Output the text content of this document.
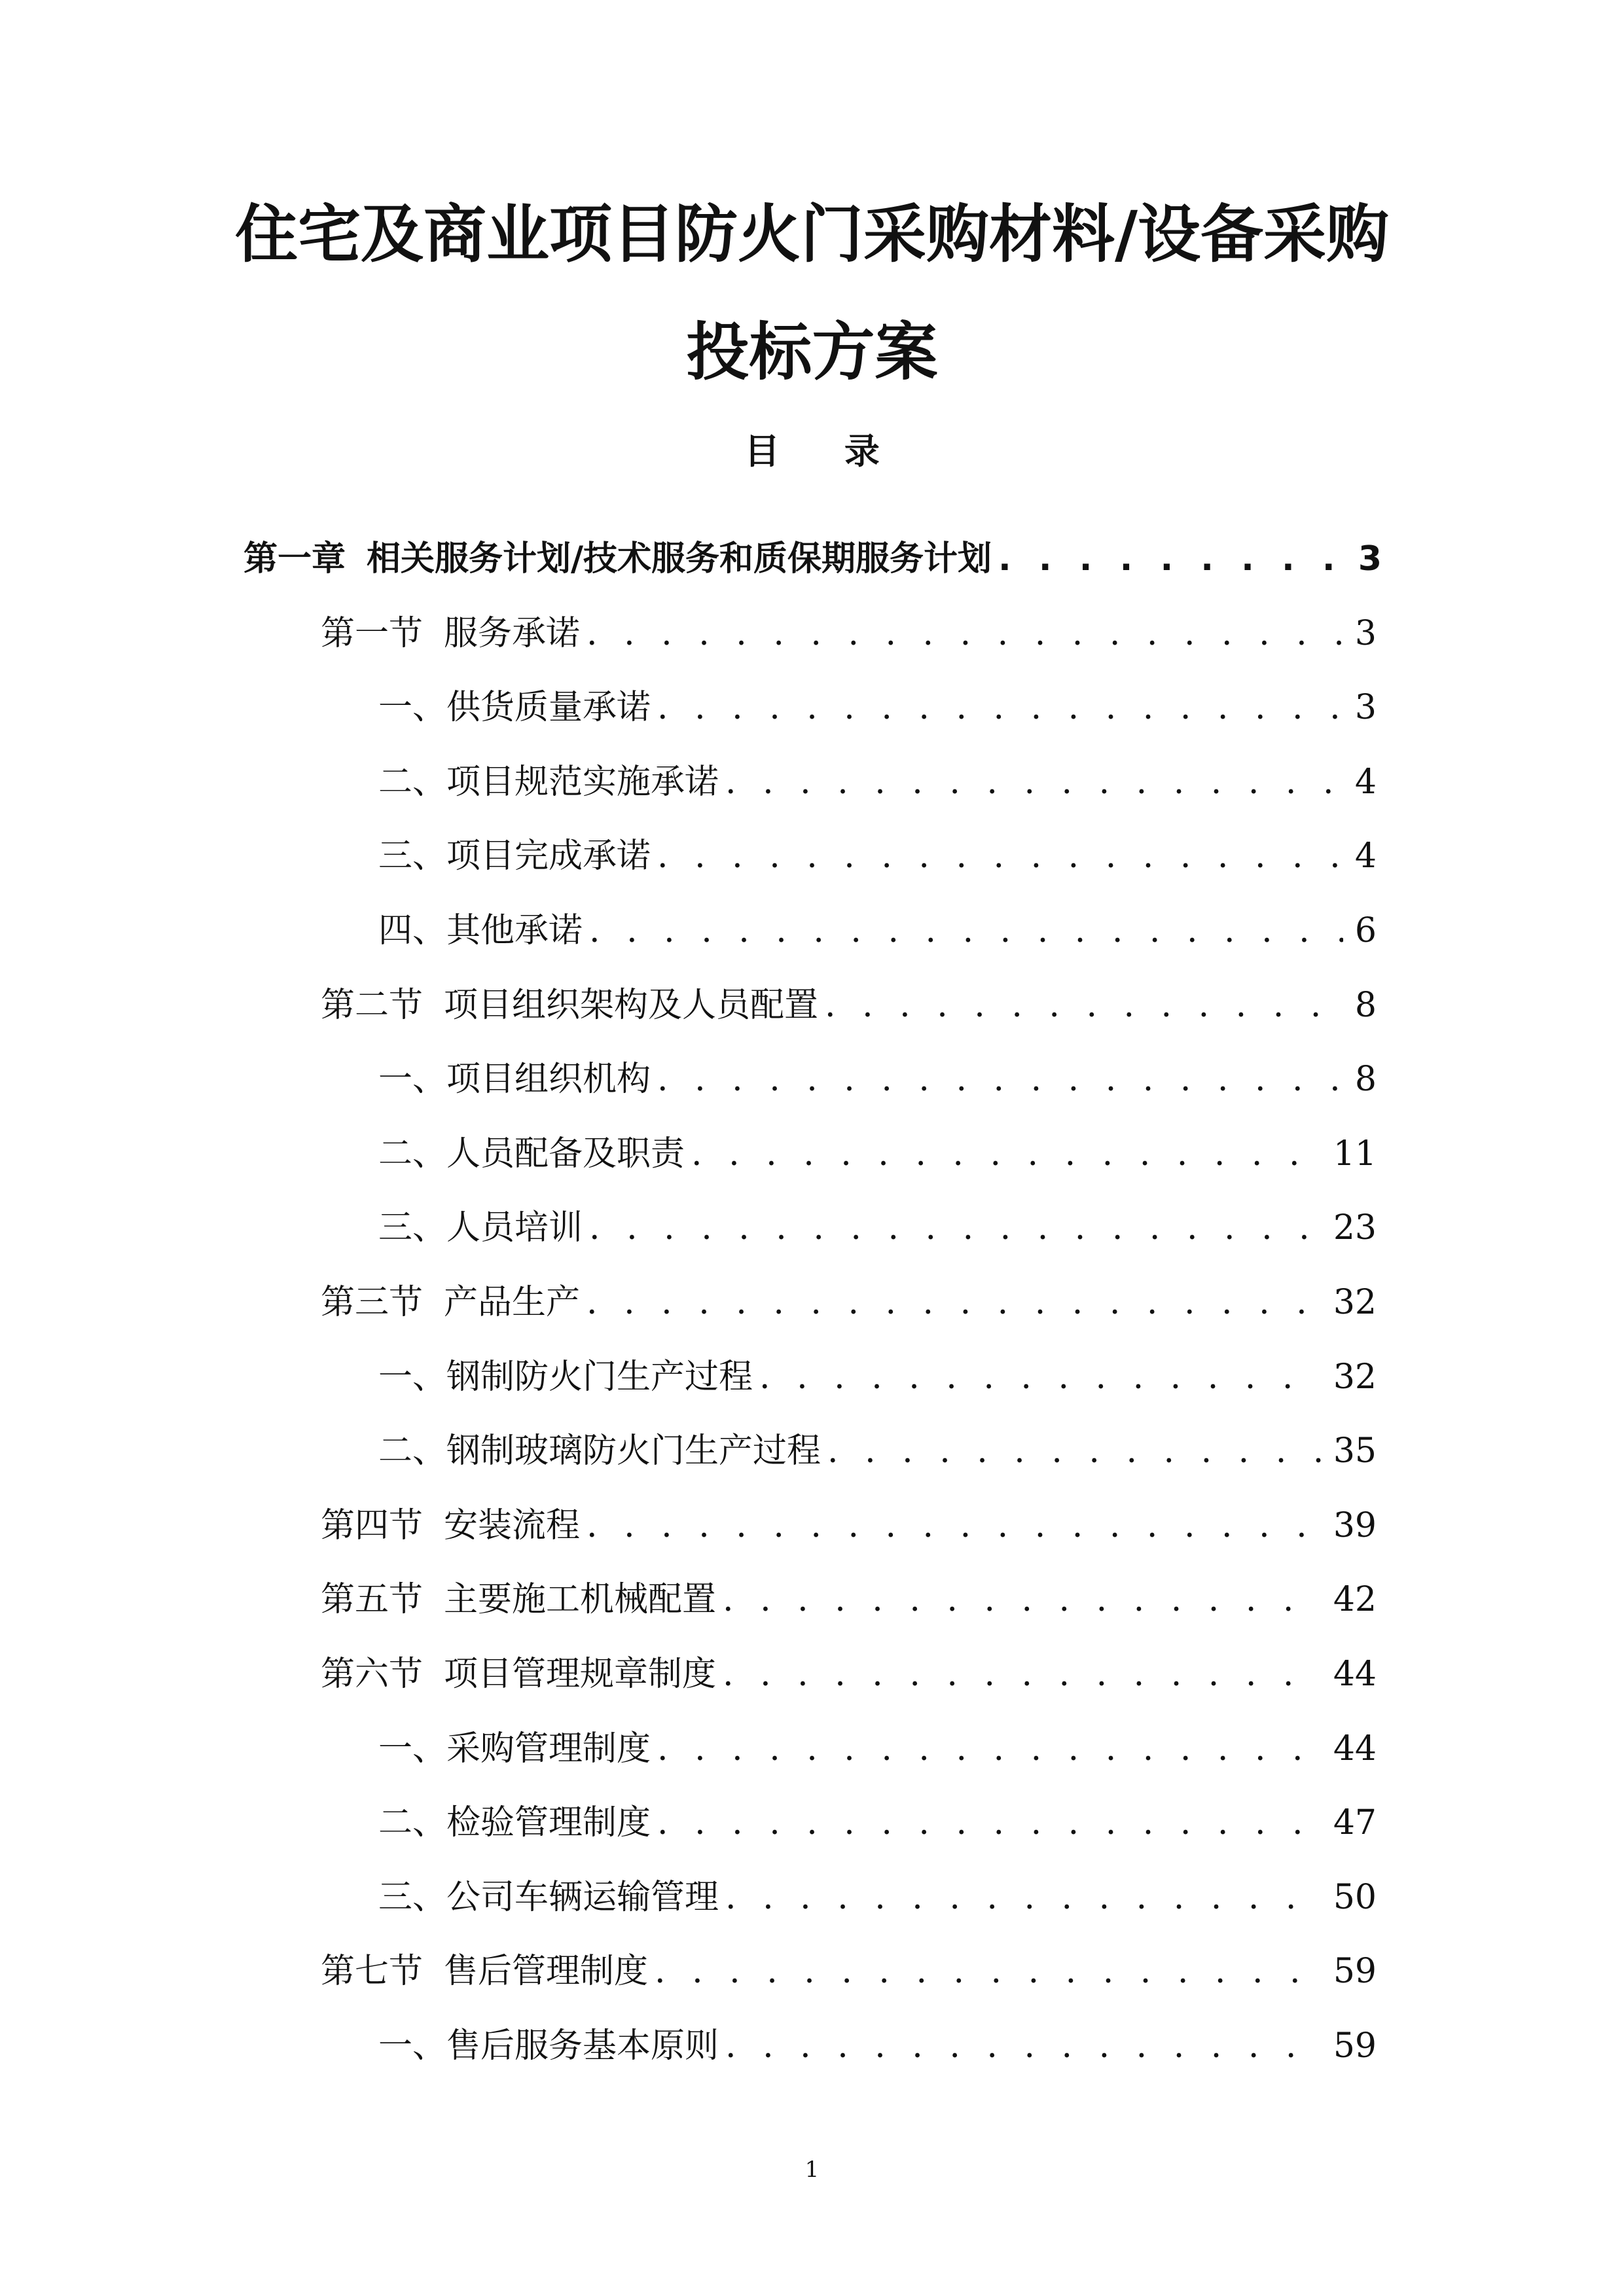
住宅及商业项目防火门采购材料/设备采购
投标方案
目 录
第一章 相关服务计划/技术服务和质保期服务计划 . . .	3
第一节 服务承诺 . . .	3
一、供货质量承诺 . . .	3
二、项目规范实施承诺 . . .	4
三、项目完成承诺 . . .	4
四、其他承诺 . . .	6
第二节 项目组织架构及人员配置 . . .	8
一、项目组织机构 . . .	8
二、人员配备及职责 . . .	11
三、人员培训 . . .	23
第三节 产品生产 . . .	32
一、钢制防火门生产过程 . . .	32
二、钢制玻璃防火门生产过程 . . .	35
第四节 安装流程 . . .	39
第五节 主要施工机械配置 . . .	42
第六节 项目管理规章制度 . . .	44
一、采购管理制度 . . .	44
二、检验管理制度 . . .	47
三、公司车辆运输管理 . . .	50
第七节 售后管理制度 . . .	59
一、售后服务基本原则 . . .	59
1
